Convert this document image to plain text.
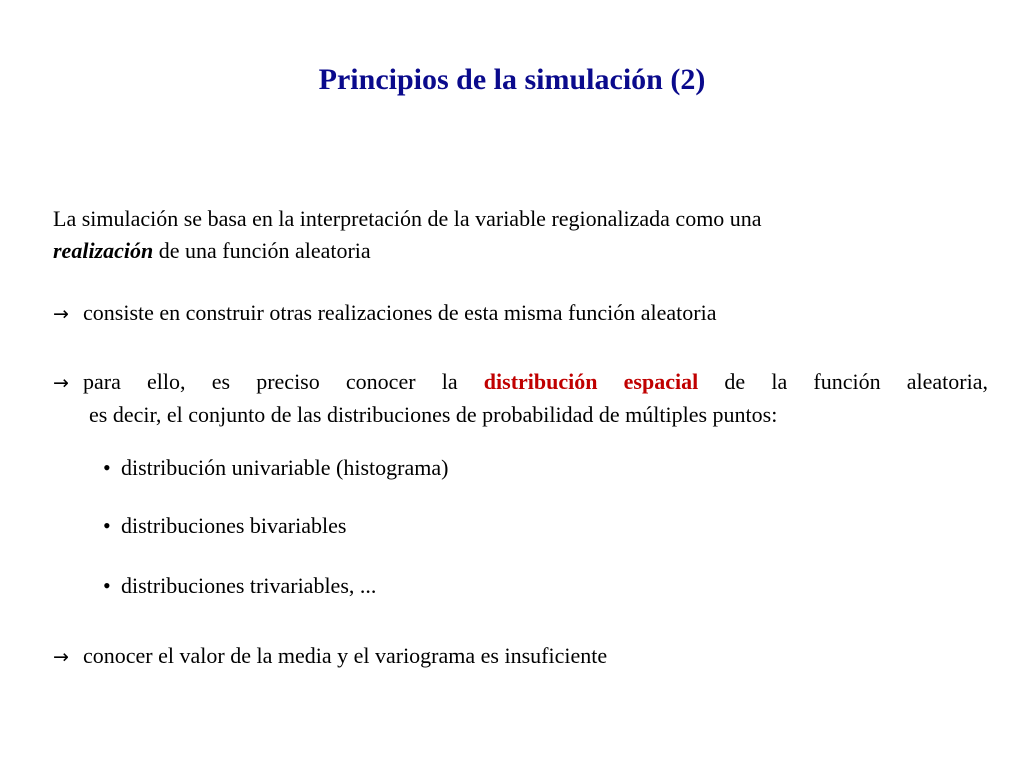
Principios de la simulación (2)
La simulación se basa en la interpretación de la variable regionalizada como una
realización de una función aleatoria
→ consiste en construir otras realizaciones de esta misma función aleatoria
→ para ello, es preciso conocer la distribución espacial de la función aleatoria,
es decir, el conjunto de las distribuciones de probabilidad de múltiples puntos:
• distribución univariable (histograma)
• distribuciones bivariables
• distribuciones trivariables, ...
→ conocer el valor de la media y el variograma es insuficiente
